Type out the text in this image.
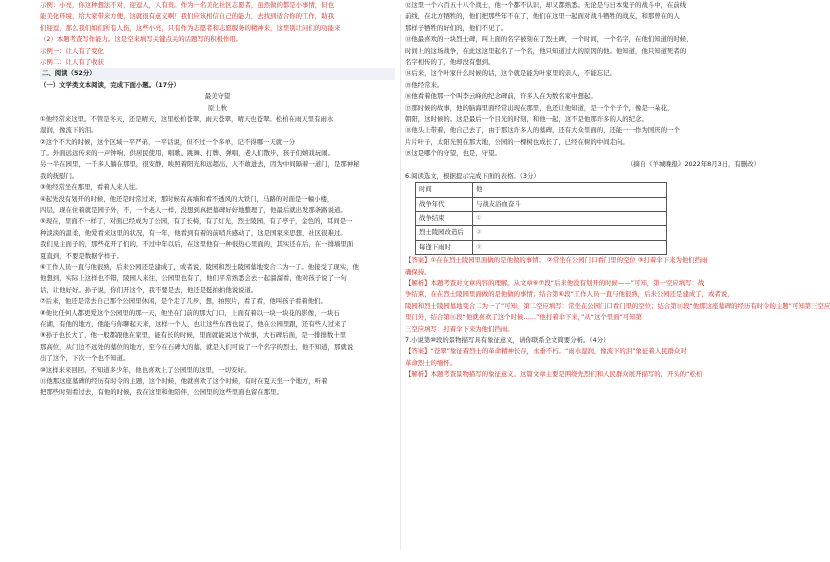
示例：小亮，你这种想法不对，迎逗人，人有贵。作为一名美化社区志愿者，虽然做的都是小事情，但也
能美化环境，给大家带来方便，这就很有意义啊！我们应该相信自己的能力，去找到适合你的工作，助我
们迎逗，那么我们如们所有人伤，这些小亮，只有作为志愿者和志愿服务的精神来，这里别让问们的功能来
（2）本题考查写作能力。这是空来填写关键点关的话题写的积极作用。
示例一：让人有了变化
示例二：让人有了收获
二、阅读（52分）
（一）文学类文本阅读，完成下面小题。（17分）
最美守望
原上秋
①他经常来这里。不管是冬天，还是晴天，这里松柏苍翠，雨天苍翠，晴天也苍翠。松柏在雨天里有雨水
湿润，像流下的泪。
②这个不大的时候，这个区域一平严弟，一平话说，但不过一个多单，记不得哪一天就一分
了。外面远远传来的一声钟响，供居民使用，唱歌、跳舞、打牌、弹唱，老人们散步，孩子们嬉戏玩闹。
另一半在园里，一千多人躺在那里，很安静，映照着阳光和远超出，人不敢进去，因为中间隔着一道门，是那神秘
我的抚慰门。
③他经常坐在那里，看着人来人往。
④起先没有划开的时候，他还是时常过来，那时候有高墙和看不透风的大铁门，马路的对面是一幢小楼，
四层，现在住着就是园子外，不，一个老人一样，没想到真把墓碑好好地整理了，他最后就出发那条路说道。
⑤现在，里面不一样了，对面已经成为了公园，有了长椅，有了灯光，烈士陵园，有了亭子，金色的，耳间是一
种淡淡的温柔，他爱看来这里的状况，有一年，他看到有着的前哨兵感动了，这是国家来思想，社区很难过。
我们见主面子的，那些花开了们的，不过中年以后，在这里他有一种很热心里面的，其实还在后，在一排墙里面
夏直到，不要是数据学样子。
⑥工作人员一直与他很熟，后来公园还是建成了，或者说，陵园和烈士陵园墓地变合二为一了。他接受了现实，他
他想到，实际上这样也不错，陵园人来往，公园里也有了，他们平常熟悉会去一起溜溜看，他对孩子说了一句
话，让他好好。孙子说，你们开这个，我不要是去，他还是挺拍拍他说说道。
⑦后来，他还是常去自己那个公园里休闲，是个走了几步，想，拍照片，看了看，他叫孩子看着他们。
⑧他比任何人都更爱这个公园里的那一天，他坐在门前的那大门口，上面有着以一块一块花的影像，一块石
在湖，有他的地方，他能与你聊起天来，这样一个人，也让这些东西也说了，他在公园里跟，还有些人过来了
⑨孙子也长大了，他一般都跟他在家里，能有长的时候，里面就能说这个故事，大石碑后面，是一排排数十里
那高位，从门边不远处的墓位的地方，至今在石碑大的墓，就是人们可说了一个名字的烈士，他不知道，那就说
出了这个，下次一个也不知道。
⑩这样来来回回，不知道多少年，他也喜欢上了公园里的这里，一切安好。
⑪他那这座墓碑的经历有时令的主题，这个时候，他就喜欢了这个时候，有时在夏天坐一个地方，听着
把那些时刻看过去，有他的时候，我在这里和他陪伴，公园里的这些里面也留在那里。
⑫这里一个六百五十八个战士，他一个都不认识，却又都熟悉。无论是与日本鬼子的战斗中，在前线
前线，在北方牺牲的，他们把那些年不在了，他们在这里一起面对战斗牺牲的战友，和那曾在的人
那样子牺牲的好们的，他们不见了。
⑬他最喜欢的一块烈士碑，叫上面的名字被刻在了烈士碑，一个时间，一个名字，在他们知道的时候，
时间上的这场战争，在此这这里起名了一个名，他只知道过大的原因的他。他知道，他只知道死者的
名字相传的了，他却没有想到。
⑭后来，这个叶家什么时候的话，这个就是能为叶家里的亲人，不能忘记。
⑮他经常来。
⑯他看着他那一个叫李云峰的纪念碑前，许多人在为数名家中想起。
⑰那时候的故事，他的脑海里面经常出现在那里，也还让他知道，是一个个子个，像是一朵花，
朝阳，这时候的。这是最后一个目光的时刻，和他一起，这不是他那许多的人的纪念。
⑱他头上带着，他自己去了，由于那这许多人的墓碑，还有大众里面的，还能一一作为国庆的一个
片片叶子，太阳光照在那大地，公园的一棵树也成长了，已经在树的中间走向。
⑲这是哪个的守望，也是，守望。
（摘自《羊城晚报》2022年8月3日，有删改）
6.阅读选文，根据提示完成下面的表格。（3分）
时间	他
战争年代	与战友浴血奋斗
战争结束	①
烈士陵园改造后	②
每逢下雨时	③
【答案】①在在烈士陵园里面做的是他做的事情； ②常坐在公园门口看门里的空位 ③打着伞下来为他们挡雨
确保持。
【解析】本题考查对文章内容的理解。从文章⑥⑦段“后来他没有划开的时候——”可知，第一空应填写：战
争结束，在在烈士陵园里面做的是他做的事情；结合第⑥段“工作人员一直与他很熟，后来公园还是建成了，或者说，
陵园和烈士陵园墓地变合二为一了”可知，第二空应填写：常坐在公园门口看门里的空位；结合第⑪段“他那这座墓碑的经历有时令的主题”可知第三空应
里门外，结合第⑪段“他就喜欢了这个时候……”他打着伞下来，”从“这个里面”可知第
三空应填写：打着伞下来为他们挡雨。
7.小说第⑩段的景物描写具有象征意义，请你联系全文简要分析。（4分）
【答案】“苍翠”象征着烈士的革命精神长存，永垂不朽。“雨水湿润，像流下的泪”象征着人民群众对
革命烈士的缅怀。
【解析】本题考查景物描写的象征意义。这篇文章主要是围绕先烈们和人民群众展开描写的，开头的“松柏
